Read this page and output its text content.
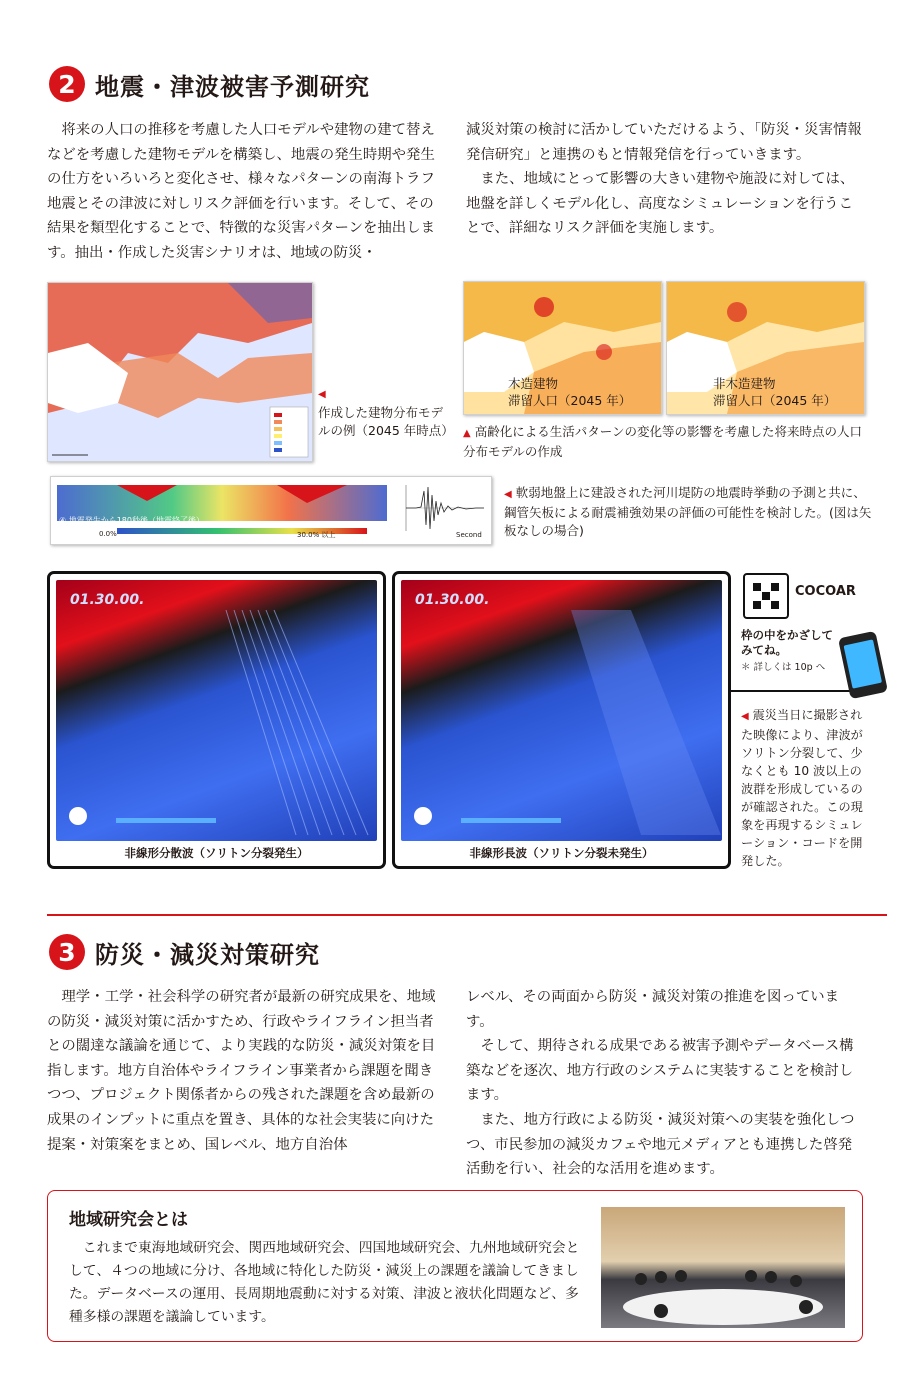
2 地震・津波被害予測研究

将来の人口の推移を考慮した人口モデルや建物の建て替えなどを考慮した建物モデルを構築し、地震の発生時期や発生の仕方をいろいろと変化させ、様々なパターンの南海トラフ地震とその津波に対しリスク評価を行います。そして、その結果を類型化することで、特徴的な災害パターンを抽出します。抽出・作成した災害シナリオは、地域の防災・

減災対策の検討に活かしていただけるよう、「防災・災害情報発信研究」と連携のもと情報発信を行っていきます。

また、地域にとって影響の大きい建物や施設に対しては、地盤を詳しくモデル化し、高度なシミュレーションを行うことで、詳細なリスク評価を実施します。

◀
作成した建物分布モデルの例（2045 年時点）
木造建物
滞留人口（2045 年）
非木造建物
滞留人口（2045 年）
▲ 高齢化による生活パターンの変化等の影響を考慮した将来時点の人口分布モデルの作成
④ 地震発生から180秒後（地震終了後）
0.0%	30.0% 以上	Second
◀ 軟弱地盤上に建設された河川堤防の地震時挙動の予測と共に、鋼管矢板による耐震補強効果の評価の可能性を検討した。(図は矢板なしの場合)
01.30.00.
非線形分散波（ソリトン分裂発生）
01.30.00.
非線形長波（ソリトン分裂未発生）
COCOAR
枠の中をかざしてみてね。
＊ 詳しくは 10p へ
◀ 震災当日に撮影された映像により、津波がソリトン分裂して、少なくとも 10 波以上の波群を形成しているのが確認された。この現象を再現するシミュレーション・コードを開発した。
3 防災・減災対策研究

理学・工学・社会科学の研究者が最新の研究成果を、地域の防災・減災対策に活かすため、行政やライフライン担当者との闊達な議論を通じて、より実践的な防災・減災対策を目指します。地方自治体やライフライン事業者から課題を聞きつつ、プロジェクト関係者からの残された課題を含め最新の成果のインプットに重点を置き、具体的な社会実装に向けた提案・対策案をまとめ、国レベル、地方自治体

レベル、その両面から防災・減災対策の推進を図っています。

そして、期待される成果である被害予測やデータベース構築などを逐次、地方行政のシステムに実装することを検討します。

また、地方行政による防災・減災対策への実装を強化しつつ、市民参加の減災カフェや地元メディアとも連携した啓発活動を行い、社会的な活用を進めます。

地域研究会とは

これまで東海地域研究会、関西地域研究会、四国地域研究会、九州地域研究会として、４つの地域に分け、各地域に特化した防災・減災上の課題を議論してきました。データベースの運用、長周期地震動に対する対策、津波と液状化問題など、多種多様の課題を議論しています。
